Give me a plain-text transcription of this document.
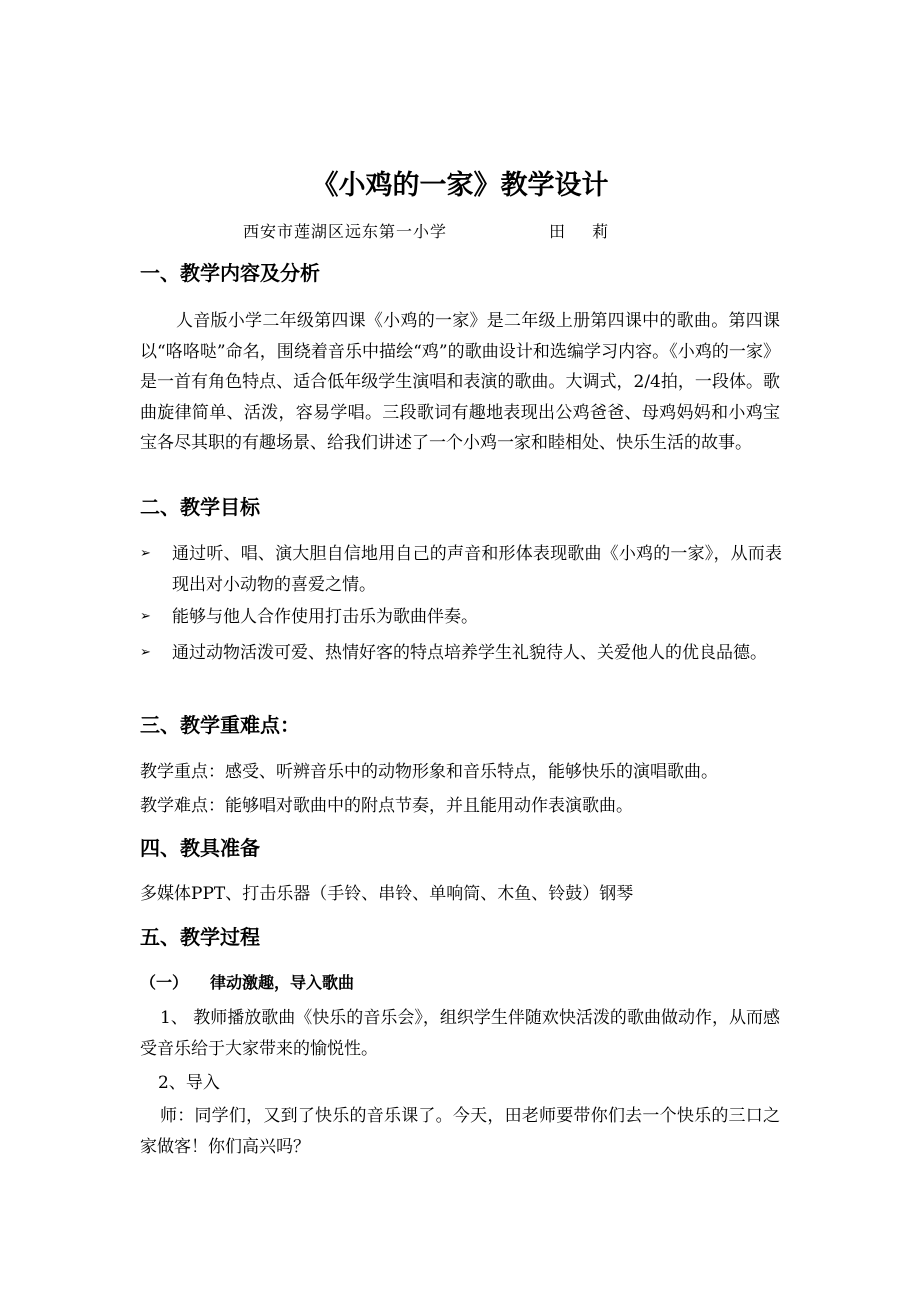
《小鸡的一家》教学设计
西安市莲湖区远东第一小学	田 莉
一、教学内容及分析
人音版小学二年级第四课《小鸡的一家》是二年级上册第四课中的歌曲。第四课以“咯咯哒”命名，围绕着音乐中描绘“鸡”的歌曲设计和选编学习内容。《小鸡的一家》是一首有角色特点、适合低年级学生演唱和表演的歌曲。大调式，2/4拍，一段体。歌曲旋律简单、活泼，容易学唱。三段歌词有趣地表现出公鸡爸爸、母鸡妈妈和小鸡宝宝各尽其职的有趣场景、给我们讲述了一个小鸡一家和睦相处、快乐生活的故事。
二、教学目标
➢ 通过听、唱、演大胆自信地用自己的声音和形体表现歌曲《小鸡的一家》，从而表现出对小动物的喜爱之情。
➢ 能够与他人合作使用打击乐为歌曲伴奏。
➢ 通过动物活泼可爱、热情好客的特点培养学生礼貌待人、关爱他人的优良品德。
三、教学重难点：
教学重点：感受、听辨音乐中的动物形象和音乐特点，能够快乐的演唱歌曲。
教学难点：能够唱对歌曲中的附点节奏，并且能用动作表演歌曲。
四、教具准备
多媒体PPT、打击乐器（手铃、串铃、单响筒、木鱼、铃鼓）钢琴
五、教学过程
（一） 律动激趣，导入歌曲
1、 教师播放歌曲《快乐的音乐会》，组织学生伴随欢快活泼的歌曲做动作，从而感受音乐给于大家带来的愉悦性。
2、导入
师：同学们，又到了快乐的音乐课了。今天，田老师要带你们去一个快乐的三口之家做客！你们高兴吗？
